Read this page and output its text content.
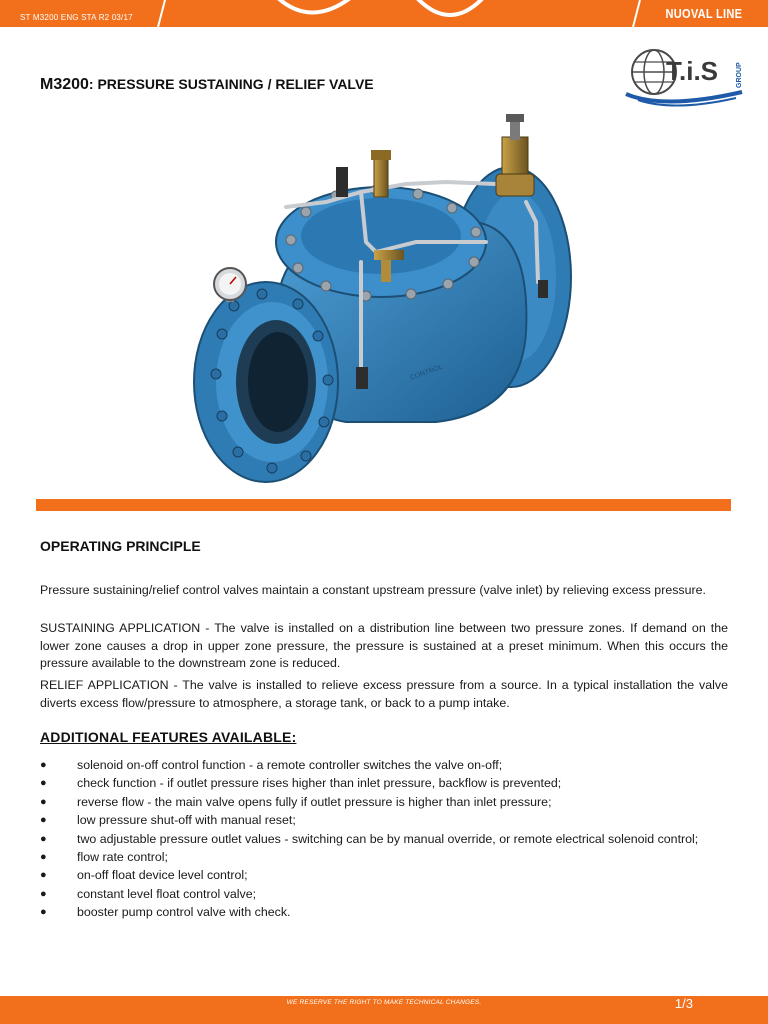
ST M3200 ENG STA R2 03/17	NUOVAL LINE
M3200: PRESSURE SUSTAINING / RELIEF VALVE	T.i.S	GROUP
CONTROL
OPERATING PRINCIPLE

Pressure sustaining/relief control valves maintain a constant upstream pressure (valve inlet) by relieving excess pressure.

SUSTAINING APPLICATION - The valve is installed on a distribution line between two pressure zones. If demand on the lower zone causes a drop in upper zone pressure, the pressure is sustained at a preset minimum. When this occurs the pressure available to the downstream zone is reduced.

RELIEF APPLICATION - The valve is installed to relieve excess pressure from a source. In a typical installation the valve diverts excess flow/pressure to atmosphere, a storage tank, or back to a pump intake.

ADDITIONAL FEATURES AVAILABLE:
● solenoid on-off control function - a remote controller switches the valve on-off;
● check function - if outlet pressure rises higher than inlet pressure, backflow is prevented;
● reverse flow - the main valve opens fully if outlet pressure is higher than inlet pressure;
● low pressure shut-off with manual reset;
● two adjustable pressure outlet values - switching can be by manual override, or remote electrical solenoid control;
● flow rate control;
● on-off float device level control;
● constant level float control valve;
● booster pump control valve with check.
WE RESERVE THE RIGHT TO MAKE TECHNICAL CHANGES.	1/3
